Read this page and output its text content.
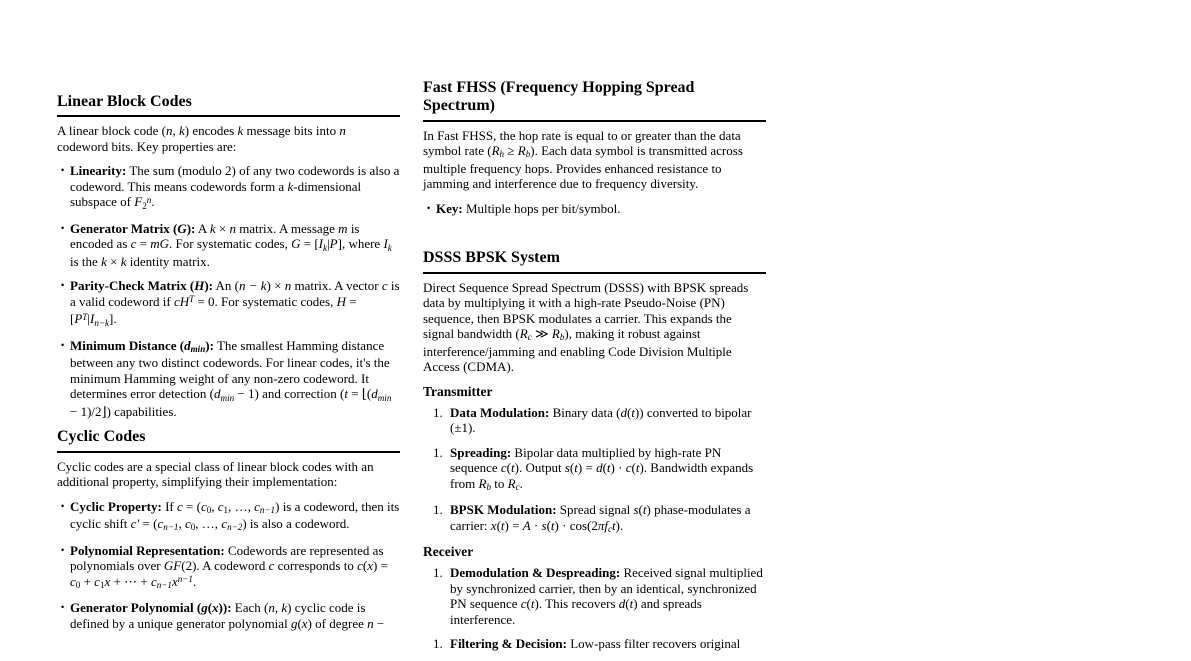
Linear Block Codes

A linear block code (n, k) encodes k message bits into n codeword bits. Key properties are:

• Linearity: The sum (modulo 2) of any two codewords is also a codeword. This means codewords form a k-dimensional subspace of F2$^n$.
• Generator Matrix (G): A k × n matrix. A message m is encoded as c = mG. For systematic codes, G = [Ik|P], where Ik is the k × k identity matrix.
• Parity-Check Matrix (H): An (n − k) × n matrix. A vector c is a valid codeword if $cH^T = 0$. For systematic codes, $H = [P^T|In-k]$.
• Minimum Distance (dmin): The smallest Hamming distance between any two distinct codewords. For linear codes, it's the minimum Hamming weight of any non-zero codeword. It determines error detection (dmin − 1) and correction (t = ⌊(dmin − 1)/2⌋) capabilities.
Cyclic Codes

Cyclic codes are a special class of linear block codes with an additional property, simplifying their implementation:

• Cyclic Property: If c = (c0, c1, …, cn−1) is a codeword, then its cyclic shift c′ = (cn−1, c0, …, cn−2) is also a codeword.
• Polynomial Representation: Codewords are represented as polynomials over GF(2). A codeword c corresponds to c(x) = c0 + c1x + ⋯ + $cn-1x^{n-1}$.
• Generator Polynomial (g(x)): Each (n, k) cyclic code is defined by a unique generator polynomial g(x) of degree n −
Fast FHSS (Frequency Hopping Spread Spectrum)

In Fast FHSS, the hop rate is equal to or greater than the data symbol rate (Rh ≥ Rb). Each data symbol is transmitted across multiple frequency hops. Provides enhanced resistance to jamming and interference due to frequency diversity.

• Key: Multiple hops per bit/symbol.
DSSS BPSK System

Direct Sequence Spread Spectrum (DSSS) with BPSK spreads data by multiplying it with a high-rate Pseudo-Noise (PN) sequence, then BPSK modulates a carrier. This expands the signal bandwidth (Rc ≫ Rb), making it robust against interference/jamming and enabling Code Division Multiple Access (CDMA).

Transmitter
1. Data Modulation: Binary data (d(t)) converted to bipolar (±1).
1. Spreading: Bipolar data multiplied by high-rate PN sequence c(t). Output s(t) = d(t) · c(t). Bandwidth expands from Rb to Rc.
1. BPSK Modulation: Spread signal s(t) phase-modulates a carrier: x(t) = A · s(t) · cos(2πfct).
Receiver
1. Demodulation & Despreading: Received signal multiplied by synchronized carrier, then by an identical, synchronized PN sequence c(t). This recovers d(t) and spreads interference.
1. Filtering & Decision: Low-pass filter recovers original
